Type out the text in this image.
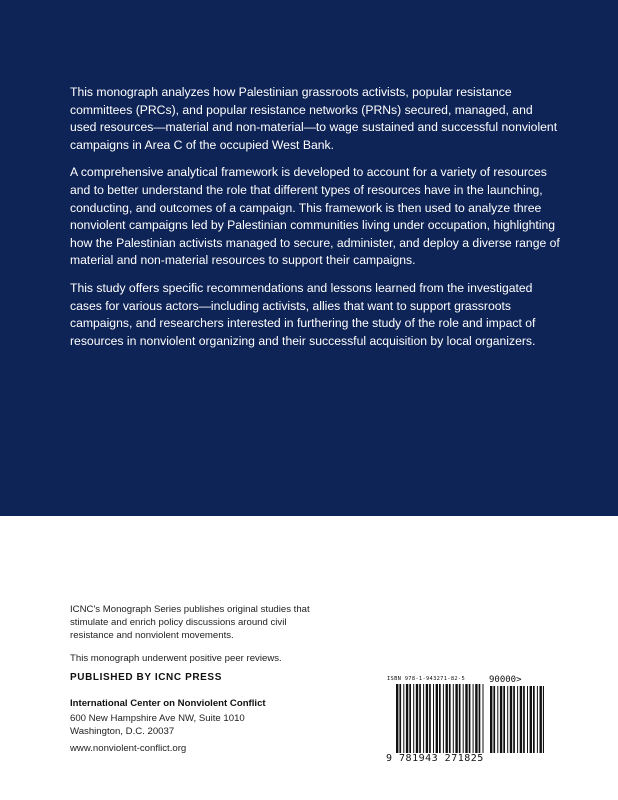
This monograph analyzes how Palestinian grassroots activists, popular resistance committees (PRCs), and popular resistance networks (PRNs) secured, managed, and used resources—material and non-material—to wage sustained and successful nonviolent campaigns in Area C of the occupied West Bank.

A comprehensive analytical framework is developed to account for a variety of resources and to better understand the role that different types of resources have in the launching, conducting, and outcomes of a campaign. This framework is then used to analyze three nonviolent campaigns led by Palestinian communities living under occupation, highlighting how the Palestinian activists managed to secure, administer, and deploy a diverse range of material and non-material resources to support their campaigns.

This study offers specific recommendations and lessons learned from the investigated cases for various actors—including activists, allies that want to support grassroots campaigns, and researchers interested in furthering the study of the role and impact of resources in nonviolent organizing and their successful acquisition by local organizers.

ICNC's Monograph Series publishes original studies that stimulate and enrich policy discussions around civil resistance and nonviolent movements.

This monograph underwent positive peer reviews.

PUBLISHED BY ICNC PRESS
International Center on Nonviolent Conflict
600 New Hampshire Ave NW, Suite 1010
Washington, D.C. 20037
www.nonviolent-conflict.org
ISBN 978-1-943271-82-5	90000>
9 781943 271825
